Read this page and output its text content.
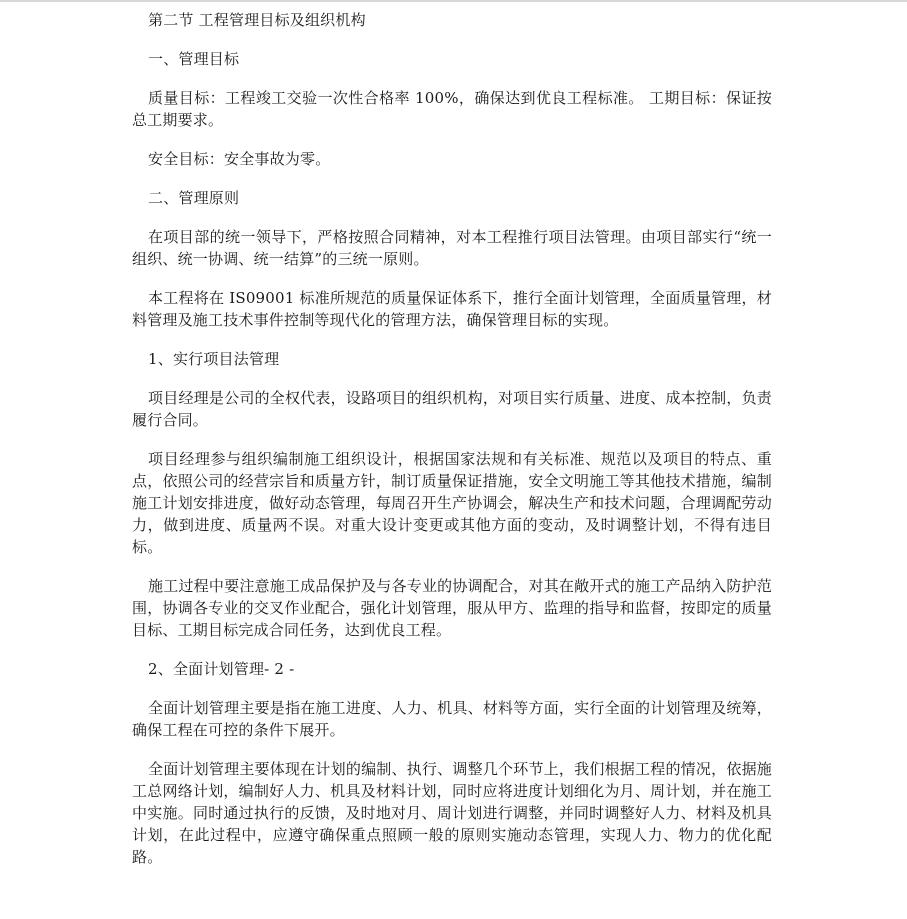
第二节 工程管理目标及组织机构

一、管理目标

质量目标：工程竣工交验一次性合格率 100%，确保达到优良工程标准。 工期目标：保证按总工期要求。

安全目标：安全事故为零。

二、管理原则

在项目部的统一领导下，严格按照合同精神，对本工程推行项目法管理。由项目部实行“统一组织、统一协调、统一结算”的三统一原则。

本工程将在 IS09001 标准所规范的质量保证体系下，推行全面计划管理，全面质量管理，材料管理及施工技术事件控制等现代化的管理方法，确保管理目标的实现。

1、实行项目法管理

项目经理是公司的全权代表，设路项目的组织机构，对项目实行质量、进度、成本控制，负责履行合同。

项目经理参与组织编制施工组织设计，根据国家法规和有关标准、规范以及项目的特点、重点，依照公司的经营宗旨和质量方针，制订质量保证措施，安全文明施工等其他技术措施，编制施工计划安排进度，做好动态管理，每周召开生产协调会，解决生产和技术问题，合理调配劳动力，做到进度、质量两不误。对重大设计变更或其他方面的变动，及时调整计划，不得有违目标。

施工过程中要注意施工成品保护及与各专业的协调配合，对其在敞开式的施工产品纳入防护范围，协调各专业的交叉作业配合，强化计划管理，服从甲方、监理的指导和监督，按即定的质量目标、工期目标完成合同任务，达到优良工程。

2、全面计划管理- 2 -

全面计划管理主要是指在施工进度、人力、机具、材料等方面，实行全面的计划管理及统筹，确保工程在可控的条件下展开。

全面计划管理主要体现在计划的编制、执行、调整几个环节上，我们根据工程的情况，依据施工总网络计划，编制好人力、机具及材料计划，同时应将进度计划细化为月、周计划，并在施工中实施。同时通过执行的反馈，及时地对月、周计划进行调整，并同时调整好人力、材料及机具计划，在此过程中，应遵守确保重点照顾一般的原则实施动态管理，实现人力、物力的优化配路。
